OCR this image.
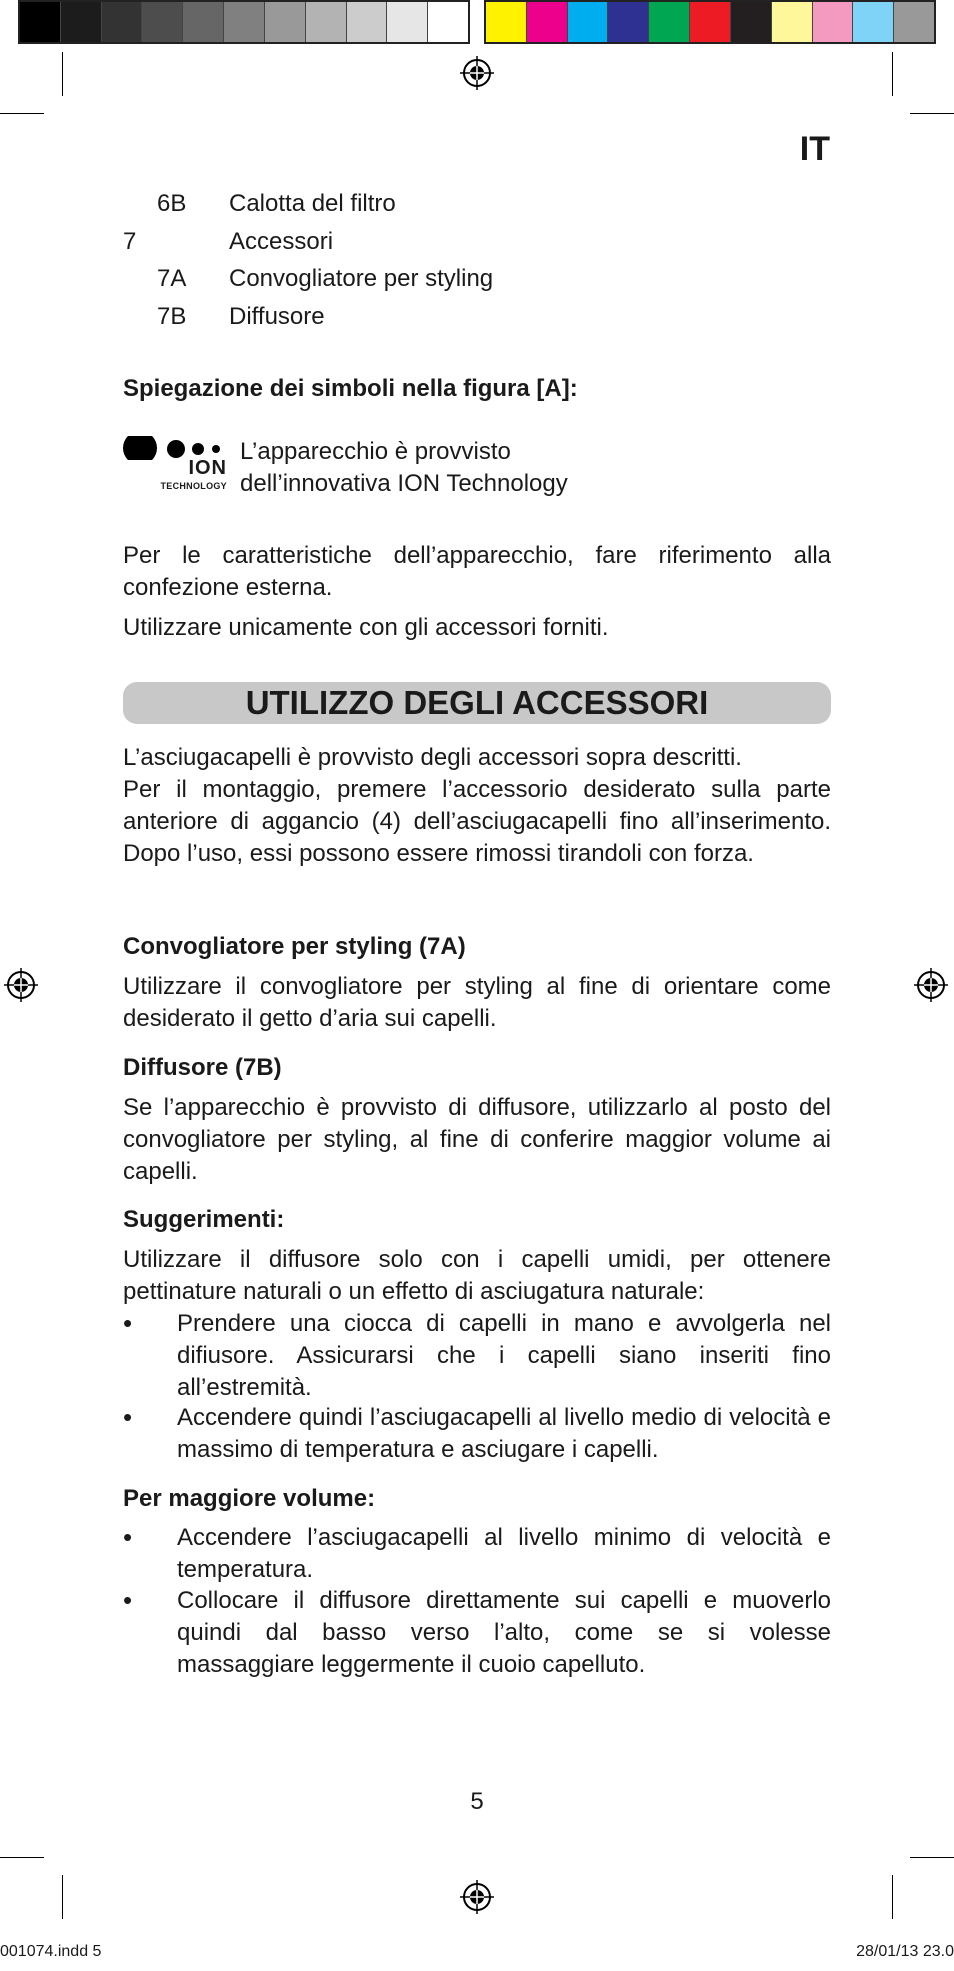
IT
6B Calotta del filtro
7	Accessori
7A Convogliatore per styling
7B Diffusore
Spiegazione dei simboli nella figura [A]:
ION
TECHNOLOGY
L’apparecchio è provvisto
dell’innovativa ION Technology
Per le caratteristiche dell’apparecchio, fare riferimento alla confezione esterna.
Utilizzare unicamente con gli accessori forniti.
UTILIZZO DEGLI ACCESSORI
L’asciugacapelli è provvisto degli accessori sopra descritti.
Per il montaggio, premere l’accessorio desiderato sulla parte anteriore di aggancio (4) dell’asciugacapelli fino all’inserimento. Dopo l’uso, essi possono essere rimossi tirandoli con forza.
Convogliatore per styling (7A)
Utilizzare il convogliatore per styling al fine di orientare come desiderato il getto d’aria sui capelli.
Diffusore (7B)
Se l’apparecchio è provvisto di diffusore, utilizzarlo al posto del convogliatore per styling, al fine di conferire maggior volume ai capelli.
Suggerimenti:
Utilizzare il diffusore solo con i capelli umidi, per ottenere pettinature naturali o un effetto di asciugatura naturale:
• Prendere una ciocca di capelli in mano e avvolgerla nel difiusore. Assicurarsi che i capelli siano inseriti fino all’estremità.
• Accendere quindi l’asciugacapelli al livello medio di velocità e massimo di temperatura e asciugare i capelli.
Per maggiore volume:
• Accendere l’asciugacapelli al livello minimo di velocità e temperatura.
• Collocare il diffusore direttamente sui capelli e muoverlo quindi dal basso verso l’alto, come se si volesse massaggiare leggermente il cuoio capelluto.
5
001074.indd 5	28/01/13 23.0
